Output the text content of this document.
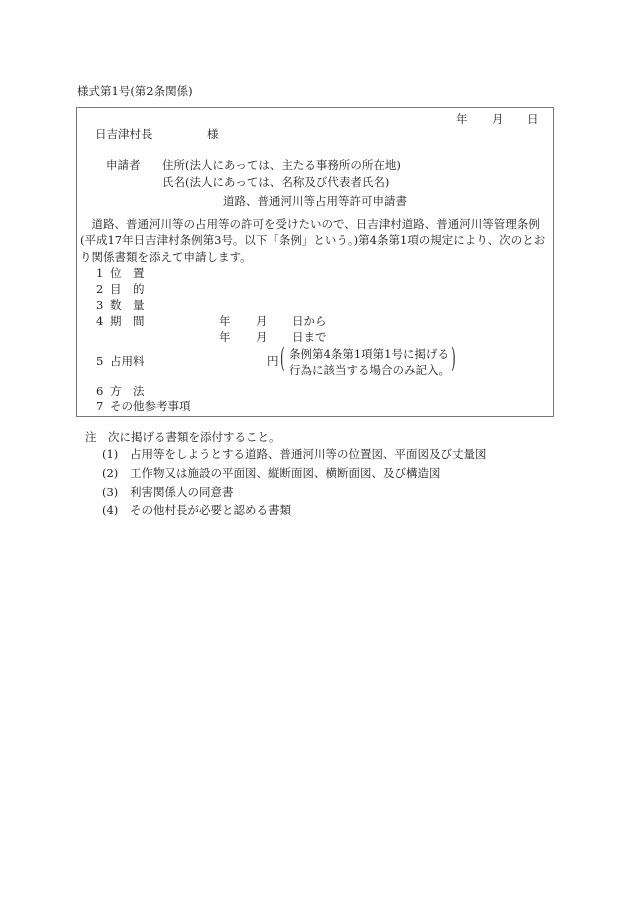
様式第1号(第2条関係)
年 月 日
日吉津村長	様
申請者 住所(法人にあっては、主たる事務所の所在地)
氏名(法人にあっては、名称及び代表者氏名)
道路、普通河川等占用等許可申請書
　道路、普通河川等の占用等の許可を受けたいので、日吉津村道路、普通河川等管理条例(平成17年日吉津村条例第3号。以下「条例」という。)第4条第1項の規定により、次のとおり関係書類を添えて申請します。
1 位 置
2 目 的
3 数 量
4 期 間	年 月 日から
年 月 日まで
5 占用料	円 ( 条例第4条第1項第1号に掲げる
行為に該当する場合のみ記入。 )
6 方 法
7 その他参考事項
注　次に掲げる書類を添付すること。
(1) 占用等をしようとする道路、普通河川等の位置図、平面図及び丈量図
(2) 工作物又は施設の平面図、縦断面図、横断面図、及び構造図
(3) 利害関係人の同意書
(4) その他村長が必要と認める書類
